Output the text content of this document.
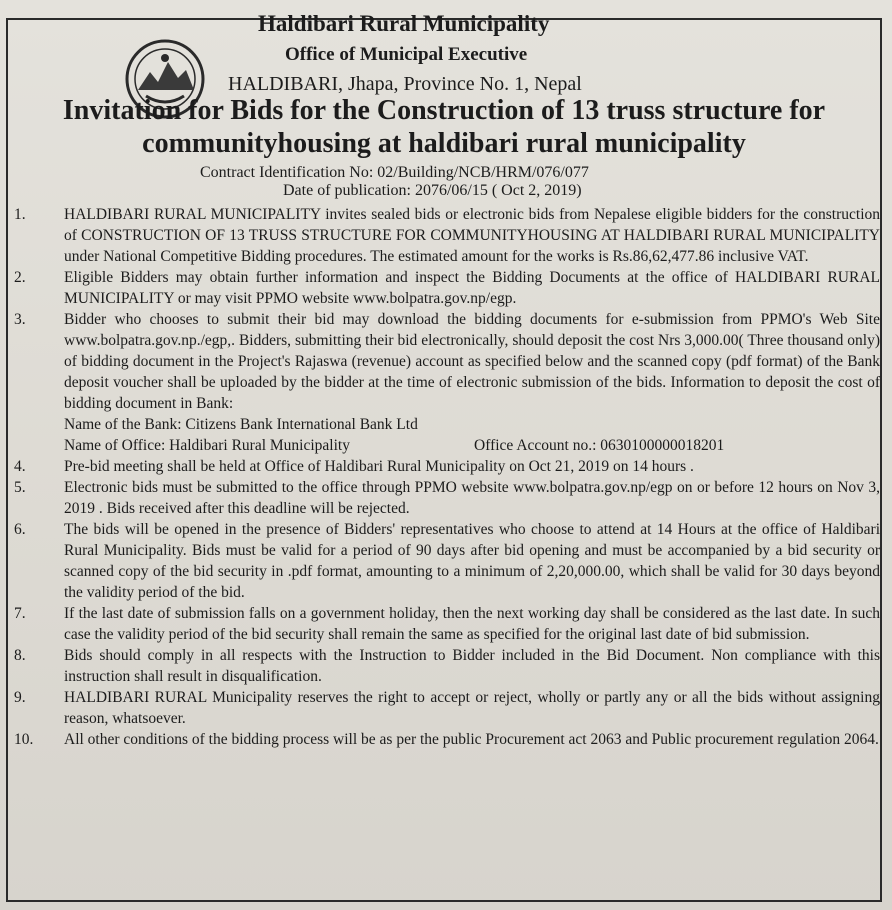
Haldibari Rural Municipality
Office of Municipal Executive
HALDIBARI, Jhapa, Province No. 1, Nepal
Invitation for Bids for the Construction of 13 truss structure for
communityhousing at haldibari rural municipality
Contract Identification No: 02/Building/NCB/HRM/076/077
Date of publication: 2076/06/15 ( Oct 2, 2019)
1.	HALDIBARI RURAL MUNICIPALITY invites sealed bids or electronic bids from Nepalese eligible bidders for the construction of CONSTRUCTION OF 13 TRUSS STRUCTURE FOR COMMUNITYHOUSING AT HALDIBARI RURAL MUNICIPALITY under National Competitive Bidding procedures. The estimated amount for the works is Rs.86,62,477.86 inclusive VAT.
2.	Eligible Bidders may obtain further information and inspect the Bidding Documents at the office of HALDIBARI RURAL MUNICIPALITY or may visit PPMO website www.bolpatra.gov.np/egp.
3.	Bidder who chooses to submit their bid may download the bidding documents for e-submission from PPMO's Web Site www.bolpatra.gov.np./egp,. Bidders, submitting their bid electronically, should deposit the cost Nrs 3,000.00( Three thousand only) of bidding document in the Project's Rajaswa (revenue) account as specified below and the scanned copy (pdf format) of the Bank deposit voucher shall be uploaded by the bidder at the time of electronic submission of the bids. Information to deposit the cost of bidding document in Bank:
Name of the Bank: Citizens Bank International Bank Ltd
Name of Office: Haldibari Rural Municipality	Office Account no.: 0630100000018201
4.	Pre-bid meeting shall be held at Office of Haldibari Rural Municipality on Oct 21, 2019 on 14 hours .
5.	Electronic bids must be submitted to the office through PPMO website www.bolpatra.gov.np/egp on or before 12 hours on Nov 3, 2019 . Bids received after this deadline will be rejected.
6.	The bids will be opened in the presence of Bidders' representatives who choose to attend at 14 Hours at the office of Haldibari Rural Municipality. Bids must be valid for a period of 90 days after bid opening and must be accompanied by a bid security or scanned copy of the bid security in .pdf format, amounting to a minimum of 2,20,000.00, which shall be valid for 30 days beyond the validity period of the bid.
7.	If the last date of submission falls on a government holiday, then the next working day shall be considered as the last date. In such case the validity period of the bid security shall remain the same as specified for the original last date of bid submission.
8.	Bids should comply in all respects with the Instruction to Bidder included in the Bid Document. Non compliance with this instruction shall result in disqualification.
9.	HALDIBARI RURAL Municipality reserves the right to accept or reject, wholly or partly any or all the bids without assigning reason, whatsoever.
10.	All other conditions of the bidding process will be as per the public Procurement act 2063 and Public procurement regulation 2064.
